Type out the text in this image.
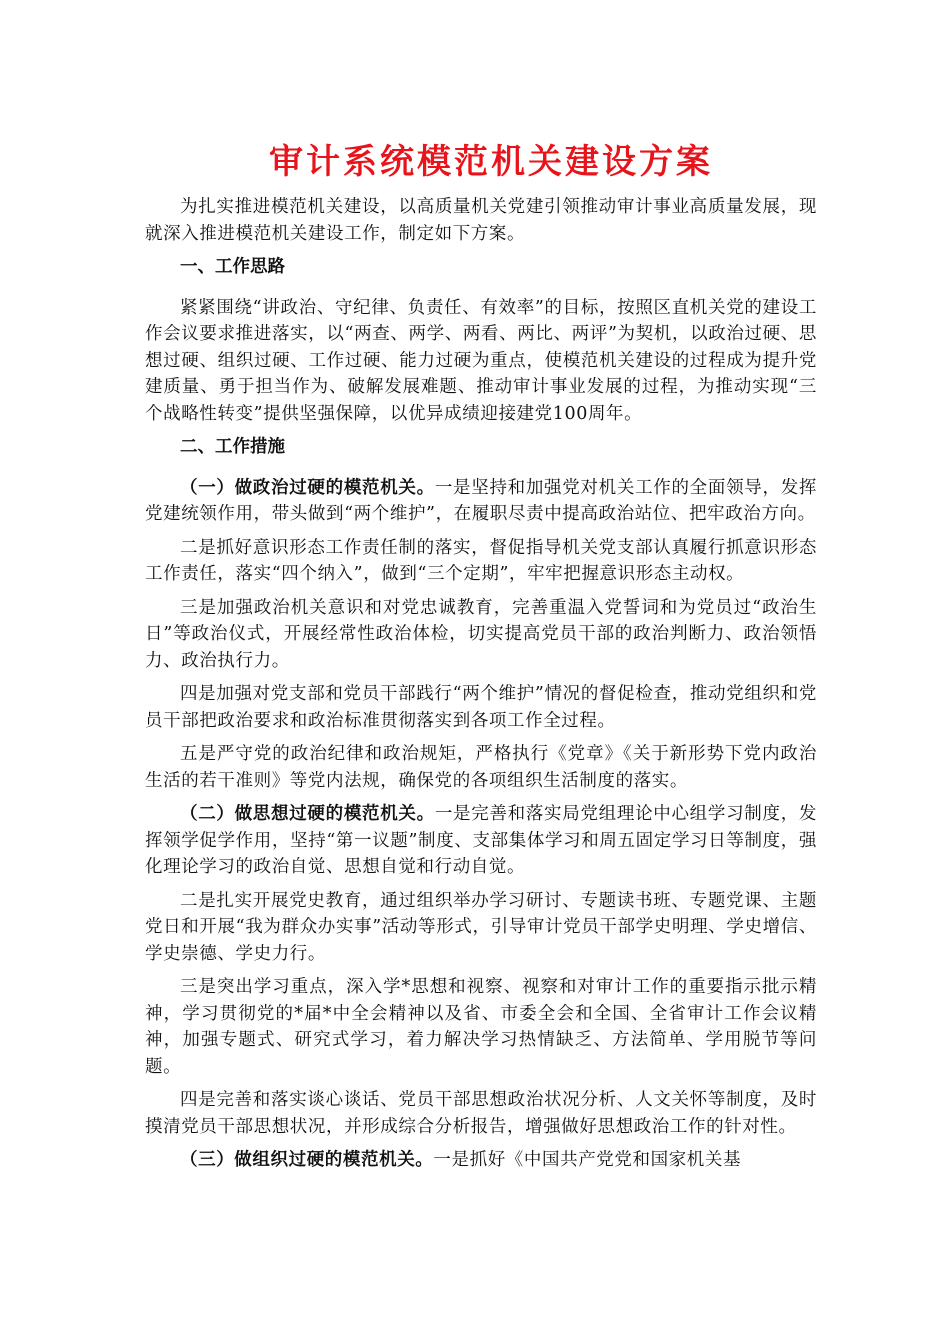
审计系统模范机关建设方案

为扎实推进模范机关建设，以高质量机关党建引领推动审计事业高质量发展，现就深入推进模范机关建设工作，制定如下方案。

一、工作思路

紧紧围绕“讲政治、守纪律、负责任、有效率”的目标，按照区直机关党的建设工作会议要求推进落实，以“两查、两学、两看、两比、两评”为契机，以政治过硬、思想过硬、组织过硬、工作过硬、能力过硬为重点，使模范机关建设的过程成为提升党建质量、勇于担当作为、破解发展难题、推动审计事业发展的过程，为推动实现“三个战略性转变”提供坚强保障，以优异成绩迎接建党100周年。

二、工作措施

（一）做政治过硬的模范机关。一是坚持和加强党对机关工作的全面领导，发挥党建统领作用，带头做到“两个维护”，在履职尽责中提高政治站位、把牢政治方向。

二是抓好意识形态工作责任制的落实，督促指导机关党支部认真履行抓意识形态工作责任，落实“四个纳入”，做到“三个定期”，牢牢把握意识形态主动权。

三是加强政治机关意识和对党忠诚教育，完善重温入党誓词和为党员过“政治生日”等政治仪式，开展经常性政治体检，切实提高党员干部的政治判断力、政治领悟力、政治执行力。

四是加强对党支部和党员干部践行“两个维护”情况的督促检查，推动党组织和党员干部把政治要求和政治标准贯彻落实到各项工作全过程。

五是严守党的政治纪律和政治规矩，严格执行《党章》《关于新形势下党内政治生活的若干准则》等党内法规，确保党的各项组织生活制度的落实。

（二）做思想过硬的模范机关。一是完善和落实局党组理论中心组学习制度，发挥领学促学作用，坚持“第一议题”制度、支部集体学习和周五固定学习日等制度，强化理论学习的政治自觉、思想自觉和行动自觉。

二是扎实开展党史教育，通过组织举办学习研讨、专题读书班、专题党课、主题党日和开展“我为群众办实事”活动等形式，引导审计党员干部学史明理、学史增信、学史崇德、学史力行。

三是突出学习重点，深入学*思想和视察、视察和对审计工作的重要指示批示精神，学习贯彻党的*届*中全会精神以及省、市委全会和全国、全省审计工作会议精神，加强专题式、研究式学习，着力解决学习热情缺乏、方法简单、学用脱节等问题。

四是完善和落实谈心谈话、党员干部思想政治状况分析、人文关怀等制度，及时摸清党员干部思想状况，并形成综合分析报告，增强做好思想政治工作的针对性。

（三）做组织过硬的模范机关。一是抓好《中国共产党党和国家机关基
